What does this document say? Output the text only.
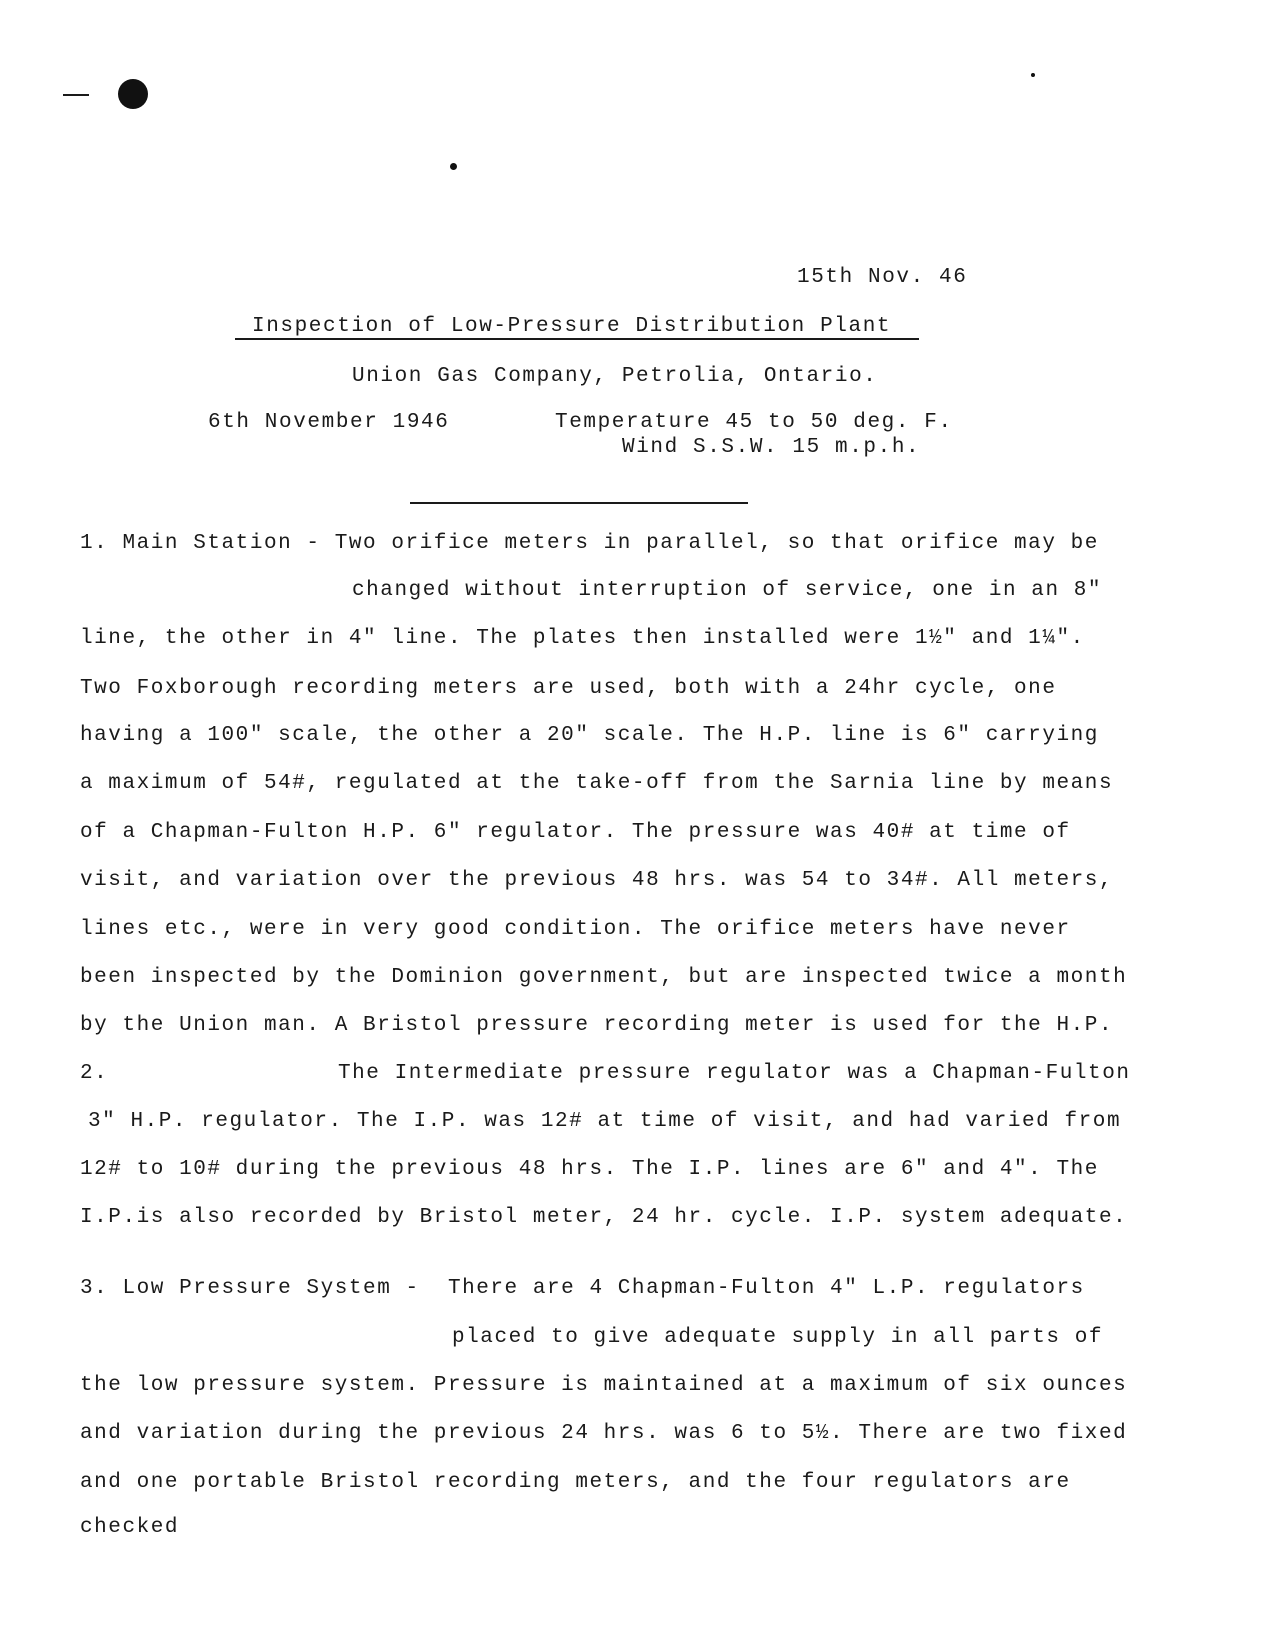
15th Nov. 46
Inspection of Low-Pressure Distribution Plant
Union Gas Company, Petrolia, Ontario.
6th November 1946	Temperature 45 to 50 deg. F.
Wind S.S.W. 15 m.p.h.
1. Main Station - Two orifice meters in parallel, so that orifice may be
changed without interruption of service, one in an 8"
line, the other in 4" line. The plates then installed were 1½" and 1¼".
Two Foxborough recording meters are used, both with a 24hr cycle, one
having a 100" scale, the other a 20" scale. The H.P. line is 6" carrying
a maximum of 54#, regulated at the take-off from the Sarnia line by means
of a Chapman-Fulton H.P. 6" regulator. The pressure was 40# at time of
visit, and variation over the previous 48 hrs. was 54 to 34#. All meters,
lines etc., were in very good condition. The orifice meters have never
been inspected by the Dominion government, but are inspected twice a month
by the Union man. A Bristol pressure recording meter is used for the H.P.
2.	The Intermediate pressure regulator was a Chapman-Fulton
3" H.P. regulator. The I.P. was 12# at time of visit, and had varied from
12# to 10# during the previous 48 hrs. The I.P. lines are 6" and 4". The
I.P.is also recorded by Bristol meter, 24 hr. cycle. I.P. system adequate.
3. Low Pressure System -  There are 4 Chapman-Fulton 4" L.P. regulators
placed to give adequate supply in all parts of
the low pressure system. Pressure is maintained at a maximum of six ounces
and variation during the previous 24 hrs. was 6 to 5½. There are two fixed
and one portable Bristol recording meters, and the four regulators are
checked
